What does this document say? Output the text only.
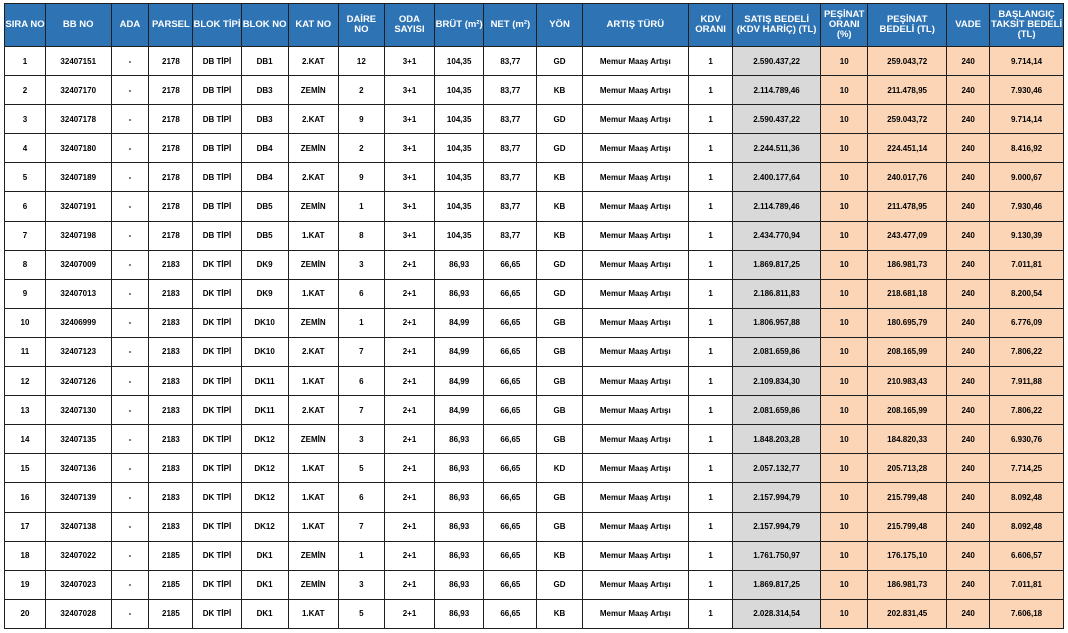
SIRA NO	BB NO	ADA	PARSEL	BLOK TİPİ	BLOK NO	KAT NO	DAİRE NO	ODA SAYISI	BRÜT (m²)	NET (m²)	YÖN	ARTIŞ TÜRÜ	KDV ORANI	SATIŞ BEDELİ (KDV HARİÇ) (TL)	PEŞİNAT ORANI (%)	PEŞİNAT BEDELİ (TL)	VADE	BAŞLANGIÇ TAKSİT BEDELİ (TL)
1	32407151	-	2178	DB TİPİ	DB1	2.KAT	12	3+1	104,35	83,77	GD	Memur Maaş Artışı	1	2.590.437,22	10	259.043,72	240	9.714,14
2	32407170	-	2178	DB TİPİ	DB3	ZEMİN	2	3+1	104,35	83,77	KB	Memur Maaş Artışı	1	2.114.789,46	10	211.478,95	240	7.930,46
3	32407178	-	2178	DB TİPİ	DB3	2.KAT	9	3+1	104,35	83,77	GD	Memur Maaş Artışı	1	2.590.437,22	10	259.043,72	240	9.714,14
4	32407180	-	2178	DB TİPİ	DB4	ZEMİN	2	3+1	104,35	83,77	GD	Memur Maaş Artışı	1	2.244.511,36	10	224.451,14	240	8.416,92
5	32407189	-	2178	DB TİPİ	DB4	2.KAT	9	3+1	104,35	83,77	KB	Memur Maaş Artışı	1	2.400.177,64	10	240.017,76	240	9.000,67
6	32407191	-	2178	DB TİPİ	DB5	ZEMİN	1	3+1	104,35	83,77	KB	Memur Maaş Artışı	1	2.114.789,46	10	211.478,95	240	7.930,46
7	32407198	-	2178	DB TİPİ	DB5	1.KAT	8	3+1	104,35	83,77	KB	Memur Maaş Artışı	1	2.434.770,94	10	243.477,09	240	9.130,39
8	32407009	-	2183	DK TİPİ	DK9	ZEMİN	3	2+1	86,93	66,65	GD	Memur Maaş Artışı	1	1.869.817,25	10	186.981,73	240	7.011,81
9	32407013	-	2183	DK TİPİ	DK9	1.KAT	6	2+1	86,93	66,65	GD	Memur Maaş Artışı	1	2.186.811,83	10	218.681,18	240	8.200,54
10	32406999	-	2183	DK TİPİ	DK10	ZEMİN	1	2+1	84,99	66,65	GB	Memur Maaş Artışı	1	1.806.957,88	10	180.695,79	240	6.776,09
11	32407123	-	2183	DK TİPİ	DK10	2.KAT	7	2+1	84,99	66,65	GB	Memur Maaş Artışı	1	2.081.659,86	10	208.165,99	240	7.806,22
12	32407126	-	2183	DK TİPİ	DK11	1.KAT	6	2+1	84,99	66,65	GB	Memur Maaş Artışı	1	2.109.834,30	10	210.983,43	240	7.911,88
13	32407130	-	2183	DK TİPİ	DK11	2.KAT	7	2+1	84,99	66,65	GB	Memur Maaş Artışı	1	2.081.659,86	10	208.165,99	240	7.806,22
14	32407135	-	2183	DK TİPİ	DK12	ZEMİN	3	2+1	86,93	66,65	GB	Memur Maaş Artışı	1	1.848.203,28	10	184.820,33	240	6.930,76
15	32407136	-	2183	DK TİPİ	DK12	1.KAT	5	2+1	86,93	66,65	KD	Memur Maaş Artışı	1	2.057.132,77	10	205.713,28	240	7.714,25
16	32407139	-	2183	DK TİPİ	DK12	1.KAT	6	2+1	86,93	66,65	GB	Memur Maaş Artışı	1	2.157.994,79	10	215.799,48	240	8.092,48
17	32407138	-	2183	DK TİPİ	DK12	1.KAT	7	2+1	86,93	66,65	GB	Memur Maaş Artışı	1	2.157.994,79	10	215.799,48	240	8.092,48
18	32407022	-	2185	DK TİPİ	DK1	ZEMİN	1	2+1	86,93	66,65	KB	Memur Maaş Artışı	1	1.761.750,97	10	176.175,10	240	6.606,57
19	32407023	-	2185	DK TİPİ	DK1	ZEMİN	3	2+1	86,93	66,65	GD	Memur Maaş Artışı	1	1.869.817,25	10	186.981,73	240	7.011,81
20	32407028	-	2185	DK TİPİ	DK1	1.KAT	5	2+1	86,93	66,65	KB	Memur Maaş Artışı	1	2.028.314,54	10	202.831,45	240	7.606,18
